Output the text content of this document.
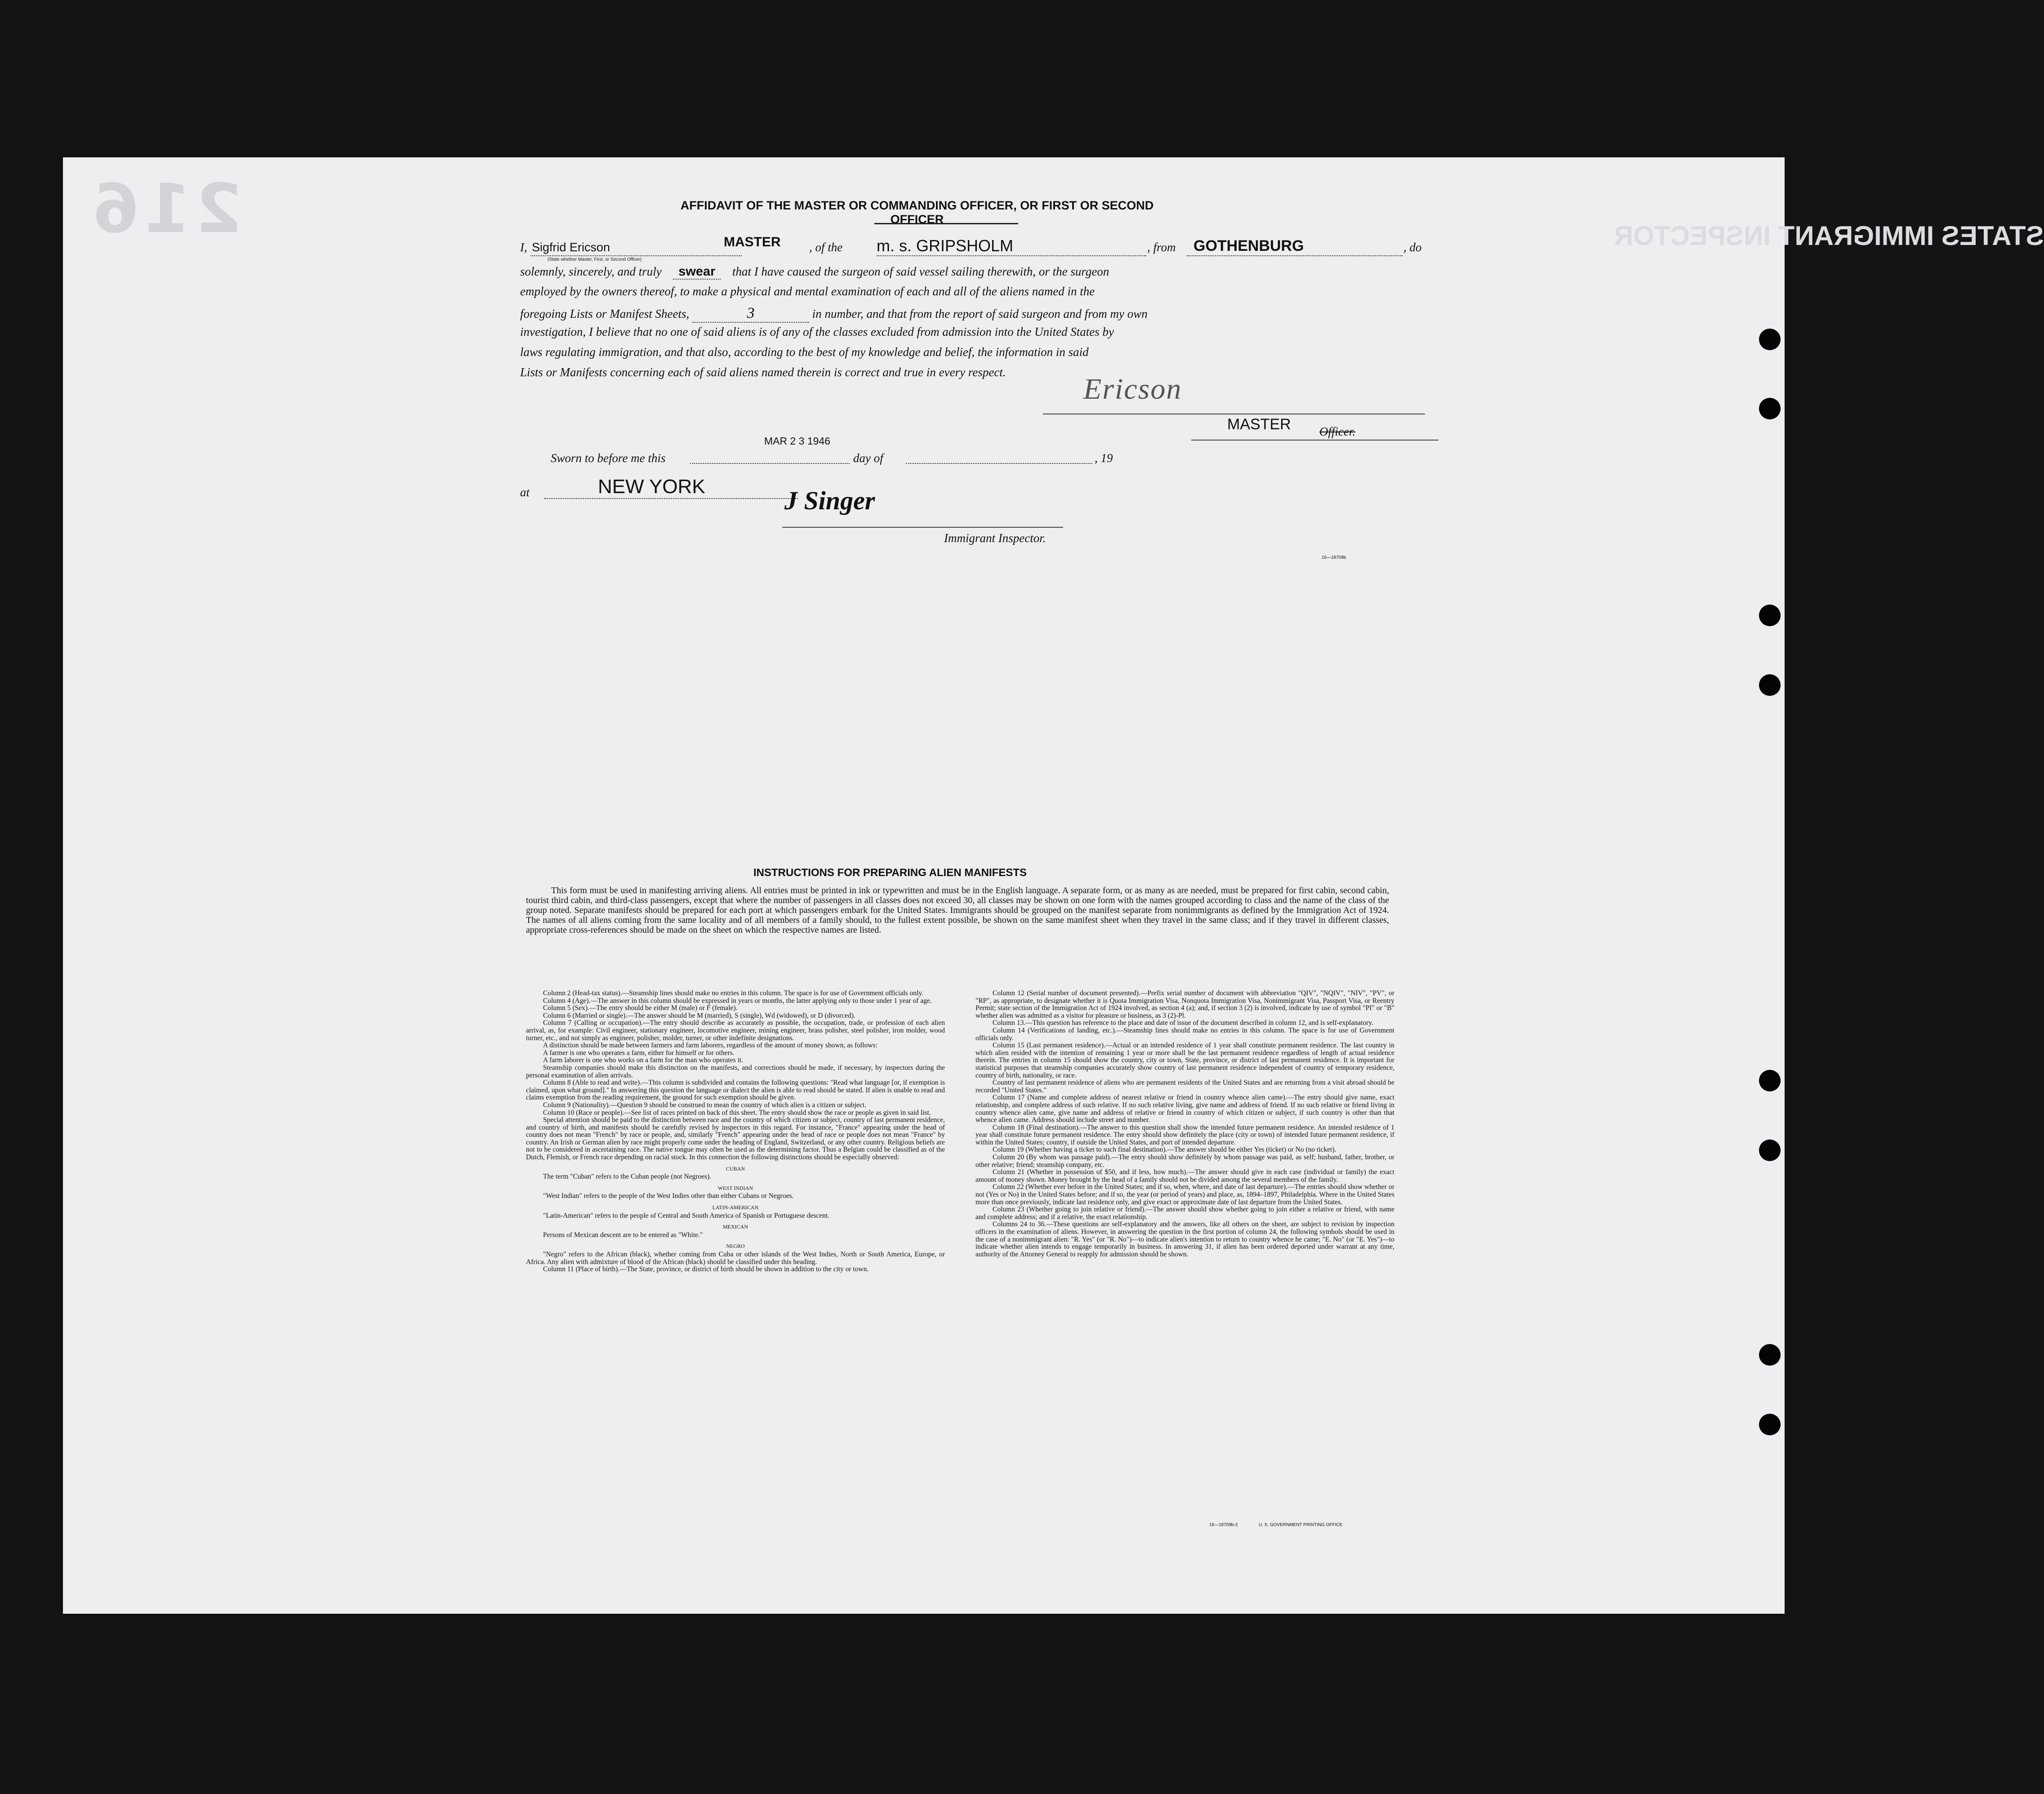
216	STATES IMMIGRANT INSPECTOR
AFFIDAVIT OF THE MASTER OR COMMANDING OFFICER, OR FIRST OR SECOND OFFICER
I, Sigfrid Ericson	MASTER
(State whether Master, First, or Second Officer)
, of the m. s. GRIPSHOLM	, from GOTHENBURG	, do
solemnly, sincerely, and truly swear that I have caused the surgeon of said vessel sailing therewith, or the surgeon
employed by the owners thereof, to make a physical and mental examination of each and all of the aliens named in the
foregoing Lists or Manifest Sheets,	3	in number, and that from the report of said surgeon and from my own
investigation, I believe that no one of said aliens is of any of the classes excluded from admission into the United States by
laws regulating immigration, and that also, according to the best of my knowledge and belief, the information in said
Lists or Manifests concerning each of said aliens named therein is correct and true in every respect.
Ericson
MASTER Officer.
MAR 2 3 1946
Sworn to before me this	day of	, 19
at	NEW YORK	J Singer
Immigrant Inspector.
16—18709b
INSTRUCTIONS FOR PREPARING ALIEN MANIFESTS
This form must be used in manifesting arriving aliens. All entries must be printed in ink or typewritten and must be in the English language. A separate form, or as many as are needed, must be prepared for first cabin, second cabin, tourist third cabin, and third-class passengers, except that where the number of passengers in all classes does not exceed 30, all classes may be shown on one form with the names grouped according to class and the name of the class of the group noted. Separate manifests should be prepared for each port at which passengers embark for the United States. Immigrants should be grouped on the manifest separate from nonimmigrants as defined by the Immigration Act of 1924. The names of all aliens coming from the same locality and of all members of a family should, to the fullest extent possible, be shown on the same manifest sheet when they travel in the same class; and if they travel in different classes, appropriate cross-references should be made on the sheet on which the respective names are listed.

Column 2 (Head-tax status).—Steamship lines should make no entries in this column. The space is for use of Government officials only.

Column 4 (Age).—The answer in this column should be expressed in years or months, the latter applying only to those under 1 year of age.

Column 5 (Sex).—The entry should be either M (male) or F (female).

Column 6 (Married or single).—The answer should be M (married), S (single), Wd (widowed), or D (divorced).

Column 7 (Calling or occupation).—The entry should describe as accurately as possible, the occupation, trade, or profession of each alien arrival, as, for example: Civil engineer, stationary engineer, locomotive engineer, mining engineer, brass polisher, steel polisher, iron molder, wood turner, etc., and not simply as engineer, polisher, molder, turner, or other indefinite designations.

A distinction should be made between farmers and farm laborers, regardless of the amount of money shown, as follows:

A farmer is one who operates a farm, either for himself or for others.

A farm laborer is one who works on a farm for the man who operates it.

Steamship companies should make this distinction on the manifests, and corrections should be made, if necessary, by inspectors during the personal examination of alien arrivals.

Column 8 (Able to read and write).—This column is subdivided and contains the following questions: "Read what language [or, if exemption is claimed, upon what ground]." In answering this question the language or dialect the alien is able to read should be stated. If alien is unable to read and claims exemption from the reading requirement, the ground for such exemption should be given.

Column 9 (Nationality).—Question 9 should be construed to mean the country of which alien is a citizen or subject.

Column 10 (Race or people).—See list of races printed on back of this sheet. The entry should show the race or people as given in said list.

Special attention should be paid to the distinction between race and the country of which citizen or subject, country of last permanent residence, and country of birth, and manifests should be carefully revised by inspectors in this regard. For instance, "France" appearing under the head of country does not mean "French" by race or people, and, similarly "French" appearing under the head of race or people does not mean "France" by country. An Irish or German alien by race might properly come under the heading of England, Switzerland, or any other country. Religious beliefs are not to be considered in ascertaining race. The native tongue may often be used as the determining factor. Thus a Belgian could be classified as of the Dutch, Flemish, or French race depending on racial stock. In this connection the following distinctions should be especially observed:

CUBAN

The term "Cuban" refers to the Cuban people (not Negroes).

WEST INDIAN

"West Indian" refers to the people of the West Indies other than either Cubans or Negroes.

LATIN-AMERICAN

"Latin-American" refers to the people of Central and South America of Spanish or Portuguese descent.

MEXICAN

Persons of Mexican descent are to be entered as "White."

NEGRO

"Negro" refers to the African (black), whether coming from Cuba or other islands of the West Indies, North or South America, Europe, or Africa. Any alien with admixture of blood of the African (black) should be classified under this heading.

Column 11 (Place of birth).—The State, province, or district of birth should be shown in addition to the city or town.

Column 12 (Serial number of document presented).—Prefix serial number of document with abbreviation "QIV", "NQIV", "NIV", "PV", or "RP", as appropriate, to designate whether it is Quota Immigration Visa, Nonquota Immigration Visa, Nonimmigrant Visa, Passport Visa, or Reentry Permit; state section of the Immigration Act of 1924 involved, as section 4 (a); and, if section 3 (2) is involved, indicate by use of symbol "PI" or "B" whether alien was admitted as a visitor for pleasure or business, as 3 (2)-Pl.

Column 13.—This question has reference to the place and date of issue of the document described in column 12, and is self-explanatory.

Column 14 (Verifications of landing, etc.).—Steamship lines should make no entries in this column. The space is for use of Government officials only.

Column 15 (Last permanent residence).—Actual or an intended residence of 1 year shall constitute permanent residence. The last country in which alien resided with the intention of remaining 1 year or more shall be the last permanent residence regardless of length of actual residence therein. The entries in column 15 should show the country, city or town, State, province, or district of last permanent residence. It is important for statistical purposes that steamship companies accurately show country of last permanent residence independent of country of temporary residence, country of birth, nationality, or race.

Country of last permanent residence of aliens who are permanent residents of the United States and are returning from a visit abroad should be recorded "United States."

Column 17 (Name and complete address of nearest relative or friend in country whence alien came).—The entry should give name, exact relationship, and complete address of such relative. If no such relative living, give name and address of friend. If no such relative or friend living in country whence alien came, give name and address of relative or friend in country of which citizen or subject, if such country is other than that whence alien came. Address should include street and number.

Column 18 (Final destination).—The answer to this question shall show the intended future permanent residence. An intended residence of 1 year shall constitute future permanent residence. The entry should show definitely the place (city or town) of intended future permanent residence, if within the United States; country, if outside the United States, and port of intended departure.

Column 19 (Whether having a ticket to such final destination).—The answer should be either Yes (ticket) or No (no ticket).

Column 20 (By whom was passage paid).—The entry should show definitely by whom passage was paid, as self; husband, father, brother, or other relative; friend; steamship company, etc.

Column 21 (Whether in possession of $50, and if less, how much).—The answer should give in each case (individual or family) the exact amount of money shown. Money brought by the head of a family should not be divided among the several members of the family.

Column 22 (Whether ever before in the United States; and if so, when, where, and date of last departure).—The entries should show whether or not (Yes or No) in the United States before; and if so, the year (or period of years) and place, as, 1894–1897, Philadelphia. Where in the United States more than once previously, indicate last residence only, and give exact or approximate date of last departure from the United States.

Column 23 (Whether going to join relative or friend).—The answer should show whether going to join either a relative or friend, with name and complete address; and if a relative, the exact relationship.

Columns 24 to 36.—These questions are self-explanatory and the answers, like all others on the sheet, are subject to revision by inspection officers in the examination of aliens. However, in answering the question in the first portion of column 24, the following symbols should be used in the case of a nonimmigrant alien: "R. Yes" (or "R. No")—to indicate alien's intention to return to country whence he came; "E. No" (or "E. Yes")—to indicate whether alien intends to engage temporarily in business. In answering 31, if alien has been ordered deported under warrant at any time, authority of the Attorney General to reapply for admission should be shown.

16—18709b-2	U. S. GOVERNMENT PRINTING OFFICE
